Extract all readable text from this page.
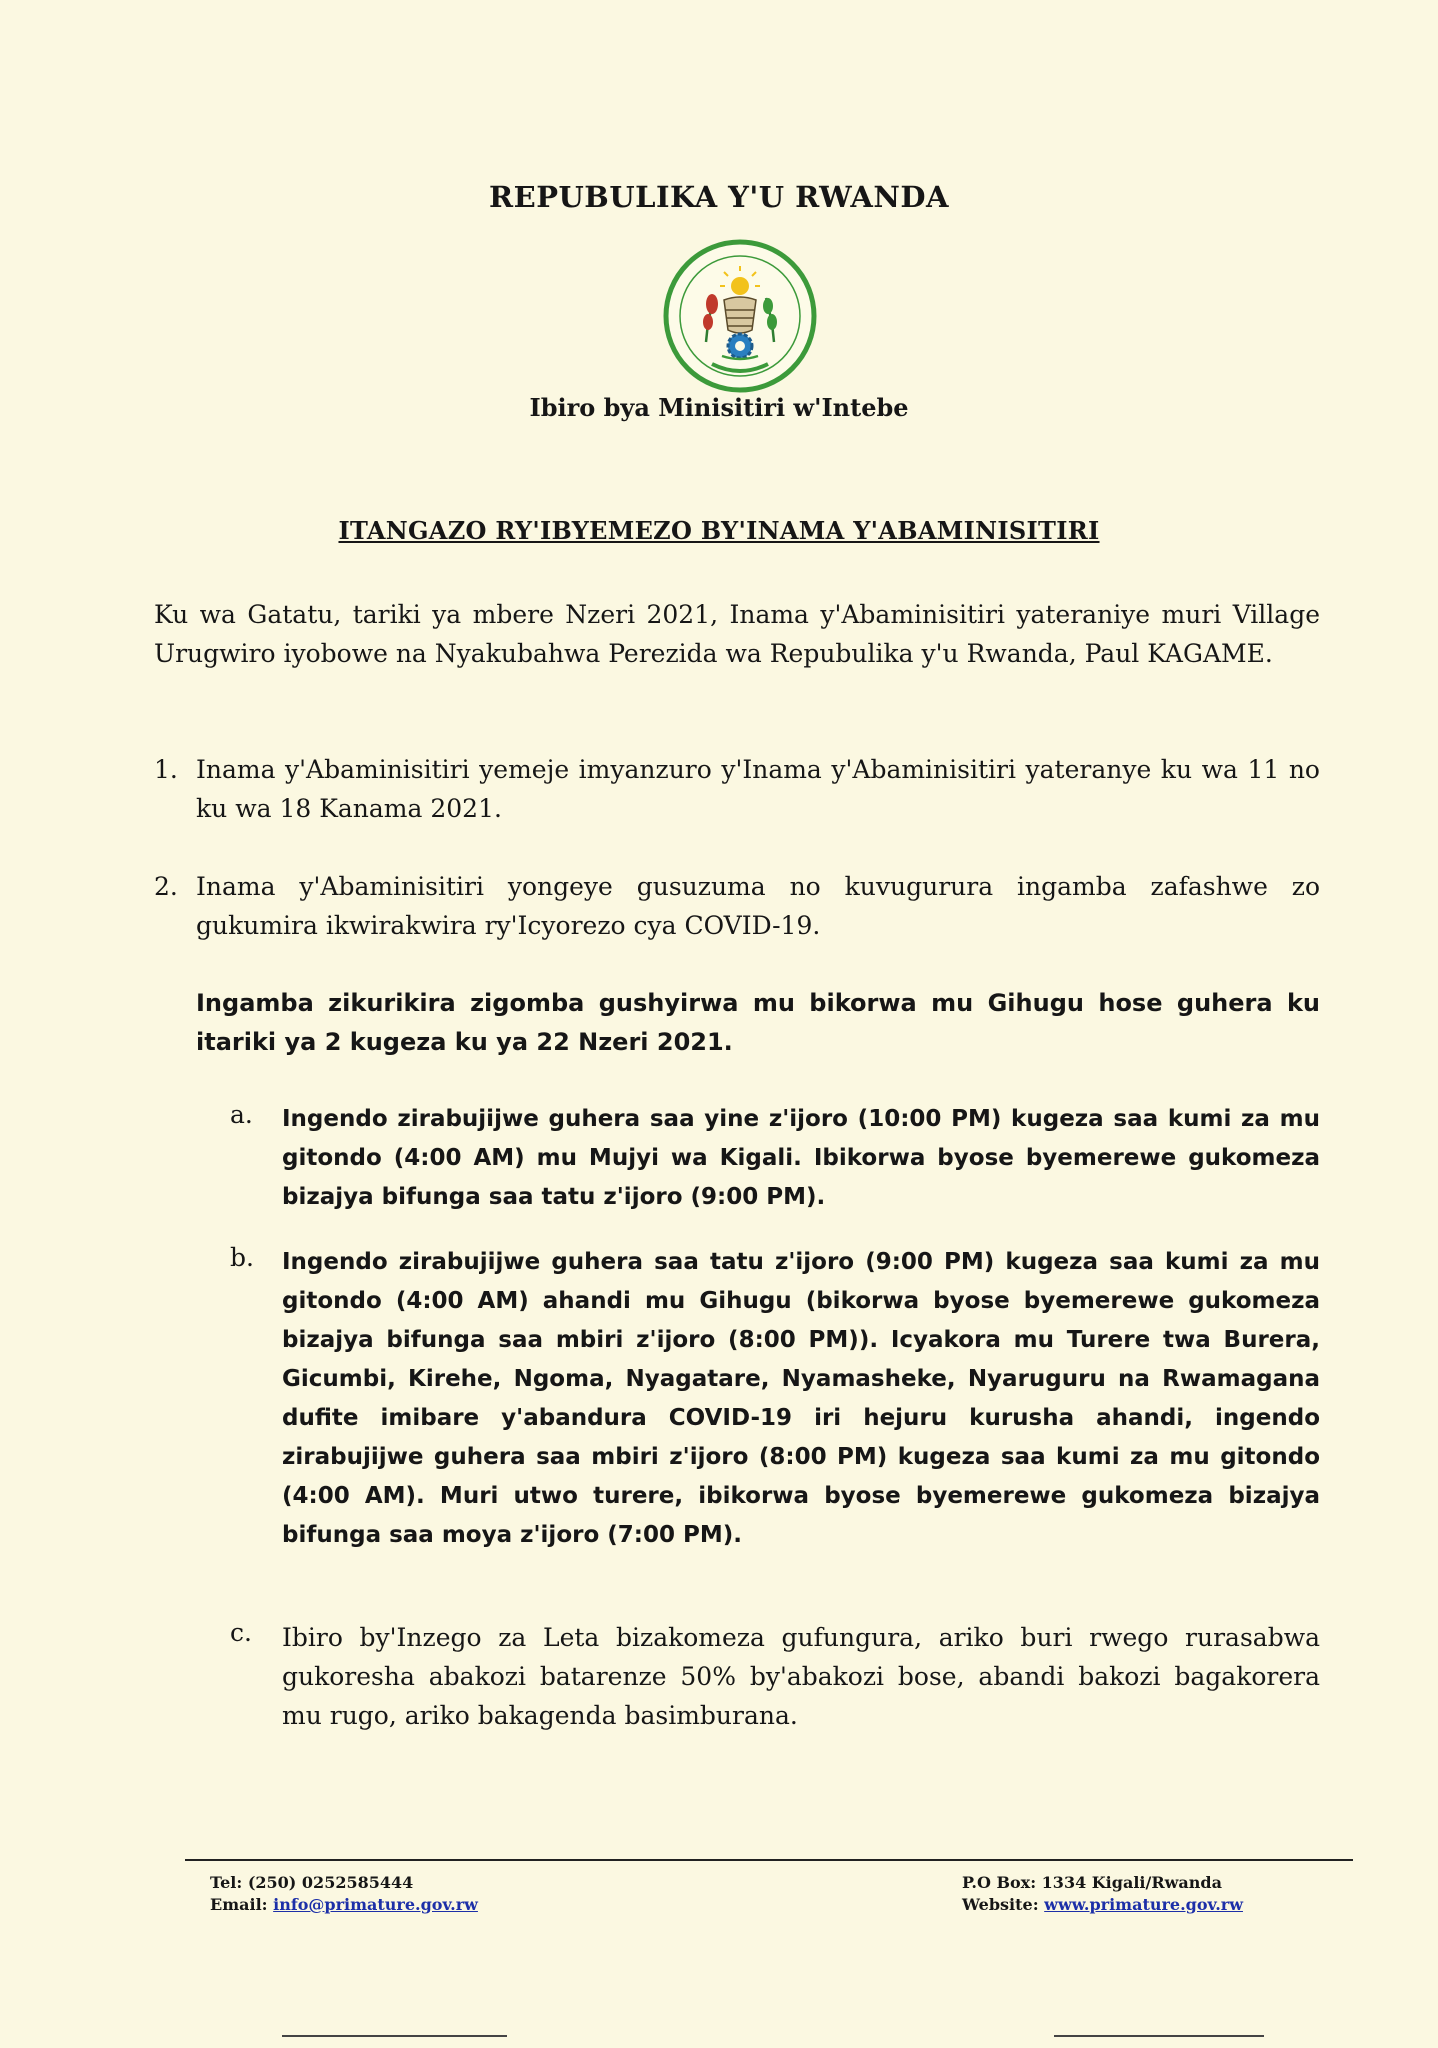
REPUBULIKA Y'U RWANDA
Ibiro bya Minisitiri w'Intebe
ITANGAZO RY'IBYEMEZO BY'INAMA Y'ABAMINISITIRI
Ku wa Gatatu, tariki ya mbere Nzeri 2021, Inama y'Abaminisitiri yateraniye muri Village Urugwiro iyobowe na Nyakubahwa Perezida wa Repubulika y'u Rwanda, Paul KAGAME.
1. Inama y'Abaminisitiri yemeje imyanzuro y'Inama y'Abaminisitiri yateranye ku wa 11 no ku wa 18 Kanama 2021.
2. Inama y'Abaminisitiri yongeye gusuzuma no kuvugurura ingamba zafashwe zo gukumira ikwirakwira ry'Icyorezo cya COVID-19.
Ingamba zikurikira zigomba gushyirwa mu bikorwa mu Gihugu hose guhera ku itariki ya 2 kugeza ku ya 22 Nzeri 2021.
a.	Ingendo zirabujijwe guhera saa yine z'ijoro (10:00 PM) kugeza saa kumi za mu gitondo (4:00 AM) mu Mujyi wa Kigali. Ibikorwa byose byemerewe gukomeza bizajya bifunga saa tatu z'ijoro (9:00 PM).
b.	Ingendo zirabujijwe guhera saa tatu z'ijoro (9:00 PM) kugeza saa kumi za mu gitondo (4:00 AM) ahandi mu Gihugu (bikorwa byose byemerewe gukomeza bizajya bifunga saa mbiri z'ijoro (8:00 PM)). Icyakora mu Turere twa Burera, Gicumbi, Kirehe, Ngoma, Nyagatare, Nyamasheke, Nyaruguru na Rwamagana dufite imibare y'abandura COVID-19 iri hejuru kurusha ahandi, ingendo zirabujijwe guhera saa mbiri z'ijoro (8:00 PM) kugeza saa kumi za mu gitondo (4:00 AM). Muri utwo turere, ibikorwa byose byemerewe gukomeza bizajya bifunga saa moya z'ijoro (7:00 PM).
c.	Ibiro by'Inzego za Leta bizakomeza gufungura, ariko buri rwego rurasabwa gukoresha abakozi batarenze 50% by'abakozi bose, abandi bakozi bagakorera mu rugo, ariko bakagenda basimburana.
Tel: (250) 0252585444
Email: info@primature.gov.rw
P.O Box: 1334 Kigali/Rwanda
Website: www.primature.gov.rw
